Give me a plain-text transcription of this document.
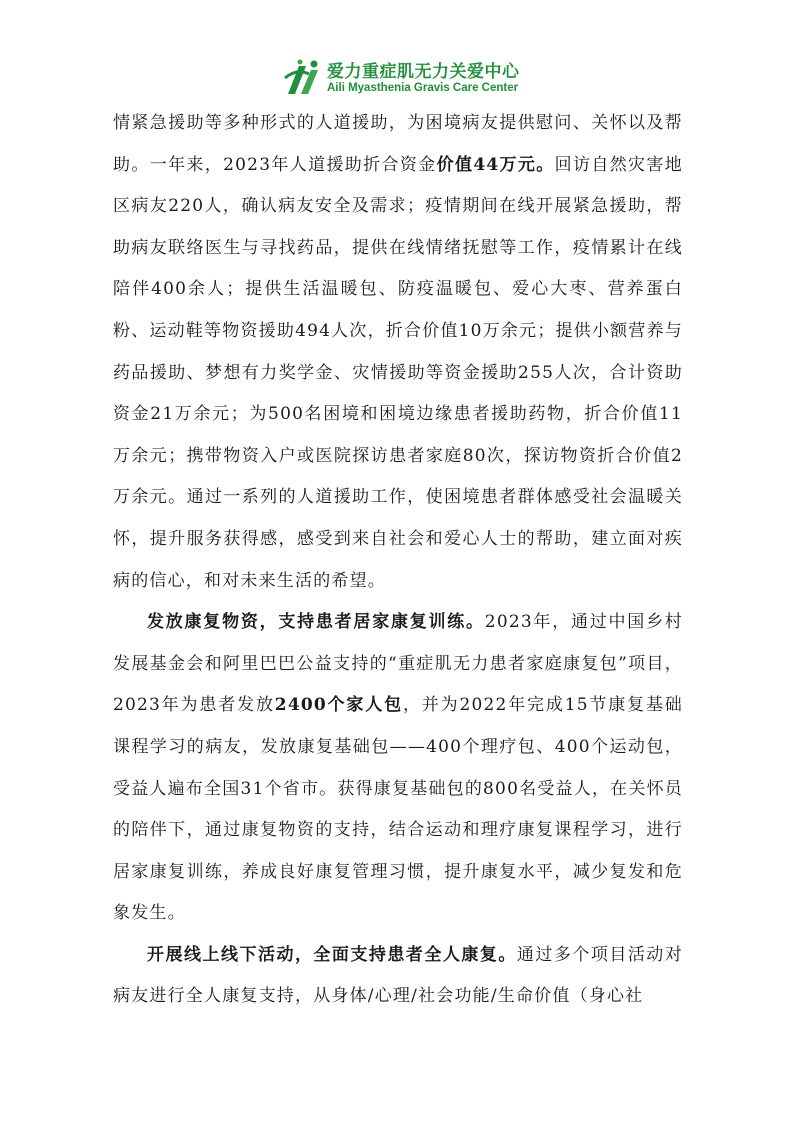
爱力重症肌无力关爱中心
Aili Myasthenia Gravis Care Center

情紧急援助等多种形式的人道援助，为困境病友提供慰问、关怀以及帮助。一年来，2023年人道援助折合资金价值44万元。回访自然灾害地区病友220人，确认病友安全及需求；疫情期间在线开展紧急援助，帮助病友联络医生与寻找药品，提供在线情绪抚慰等工作，疫情累计在线陪伴400余人；提供生活温暖包、防疫温暖包、爱心大枣、营养蛋白粉、运动鞋等物资援助494人次，折合价值10万余元；提供小额营养与药品援助、梦想有力奖学金、灾情援助等资金援助255人次，合计资助资金21万余元；为500名困境和困境边缘患者援助药物，折合价值11万余元；携带物资入户或医院探访患者家庭80次，探访物资折合价值2万余元。通过一系列的人道援助工作，使困境患者群体感受社会温暖关怀，提升服务获得感，感受到来自社会和爱心人士的帮助，建立面对疾病的信心，和对未来生活的希望。

发放康复物资，支持患者居家康复训练。2023年，通过中国乡村发展基金会和阿里巴巴公益支持的“重症肌无力患者家庭康复包”项目，2023年为患者发放2400个家人包，并为2022年完成15节康复基础课程学习的病友，发放康复基础包——400个理疗包、400个运动包，受益人遍布全国31个省市。获得康复基础包的800名受益人，在关怀员的陪伴下，通过康复物资的支持，结合运动和理疗康复课程学习，进行居家康复训练，养成良好康复管理习惯，提升康复水平，减少复发和危象发生。

开展线上线下活动，全面支持患者全人康复。通过多个项目活动对病友进行全人康复支持，从身体/心理/社会功能/生命价值（身心社
